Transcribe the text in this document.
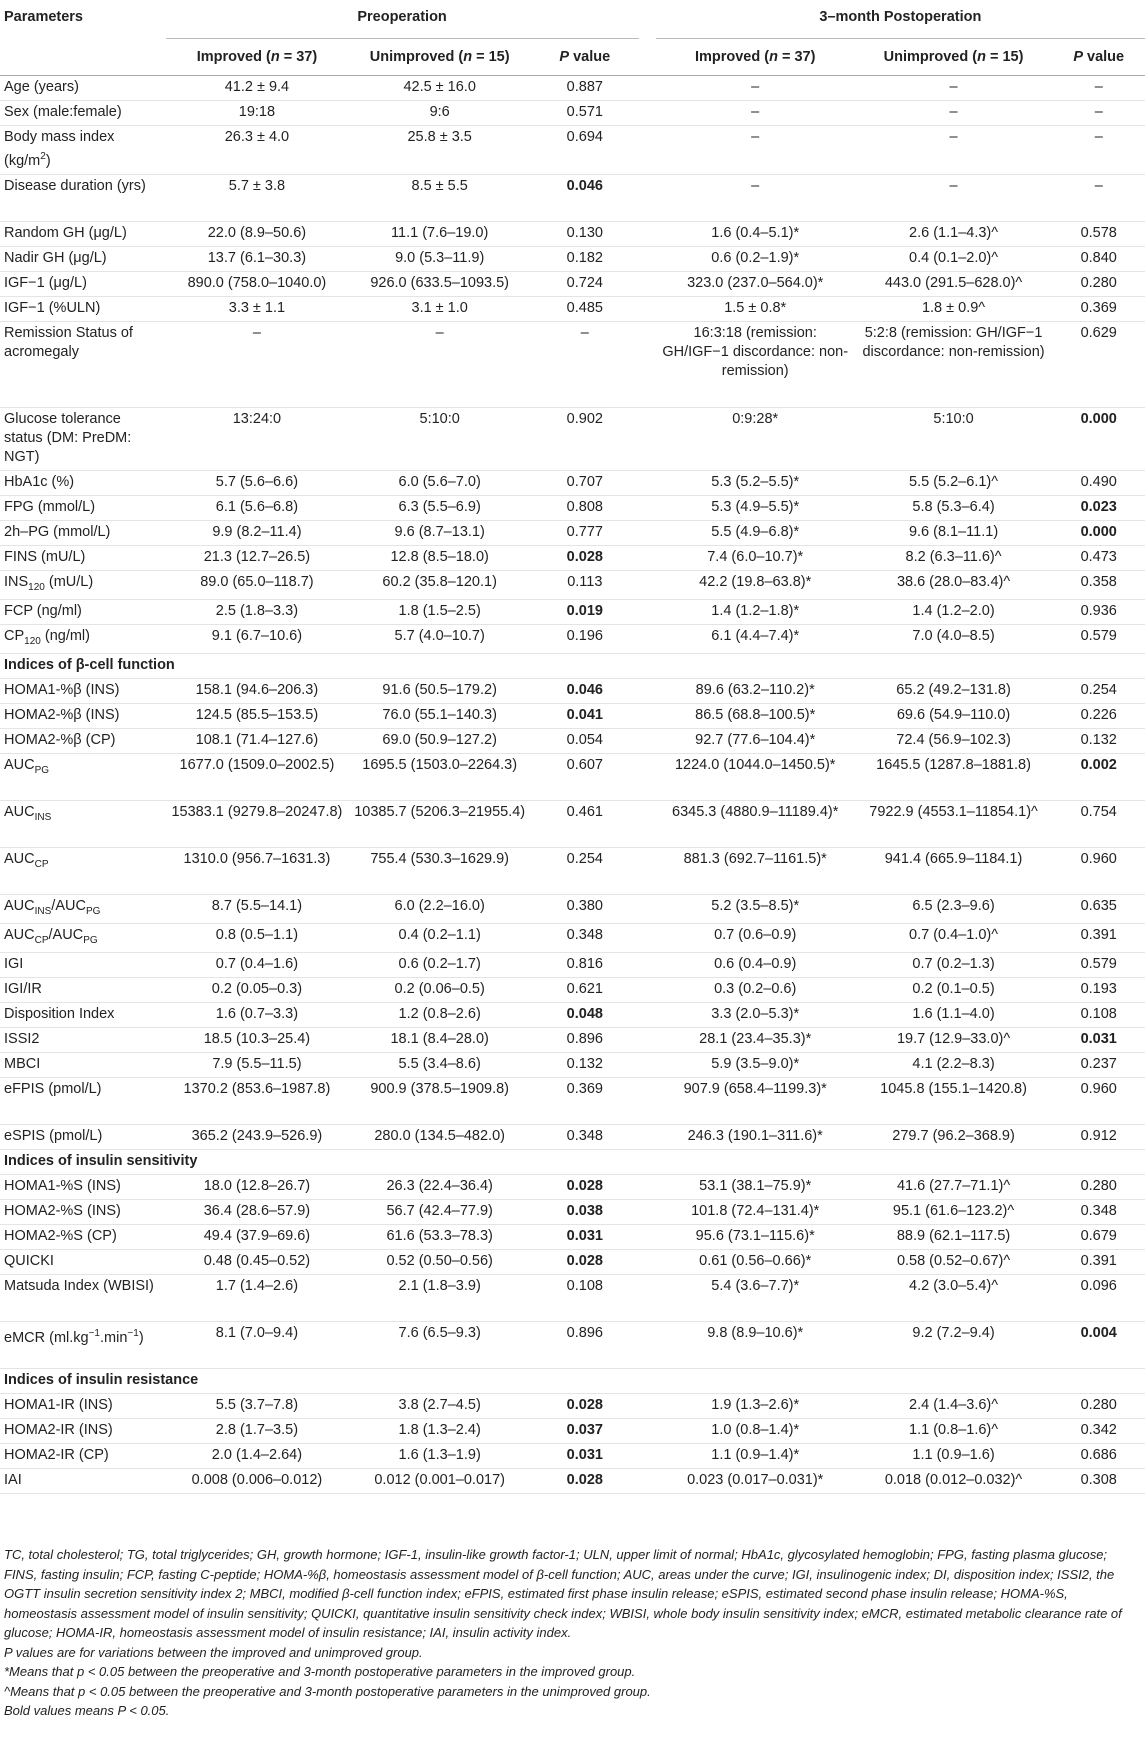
Parameters	Preoperation				3–month Postoperation		
	Improved (n = 37)	Unimproved (n = 15)	P value		Improved (n = 37)	Unimproved (n = 15)	P value
Age (years)	41.2 ± 9.4	42.5 ± 16.0	0.887		–	–	–
Sex (male:female)	19:18	9:6	0.571		–	–	–
Body mass index $(kg/m^2)$	26.3 ± 4.0	25.8 ± 3.5	0.694		–	–	–
Disease duration (yrs)	5.7 ± 3.8	8.5 ± 5.5	0.046		–	–	–
Random GH (μg/L)	22.0 (8.9–50.6)	11.1 (7.6–19.0)	0.130		1.6 (0.4–5.1)*	2.6 (1.1–4.3)^	0.578
Nadir GH (μg/L)	13.7 (6.1–30.3)	9.0 (5.3–11.9)	0.182		0.6 (0.2–1.9)*	0.4 (0.1–2.0)^	0.840
IGF−1 (μg/L)	890.0 (758.0–1040.0)	926.0 (633.5–1093.5)	0.724		323.0 (237.0–564.0)*	443.0 (291.5–628.0)^	0.280
IGF−1 (%ULN)	3.3 ± 1.1	3.1 ± 1.0	0.485		1.5 ± 0.8*	1.8 ± 0.9^	0.369
Remission Status of acromegaly	–	–	–		16:3:18 (remission: GH/IGF−1 discordance: non-remission)	5:2:8 (remission: GH/IGF−1 discordance: non-remission)	0.629
Glucose tolerance status (DM: PreDM: NGT)	13:24:0	5:10:0	0.902		0:9:28*	5:10:0	0.000
HbA1c (%)	5.7 (5.6–6.6)	6.0 (5.6–7.0)	0.707		5.3 (5.2–5.5)*	5.5 (5.2–6.1)^	0.490
FPG (mmol/L)	6.1 (5.6–6.8)	6.3 (5.5–6.9)	0.808		5.3 (4.9–5.5)*	5.8 (5.3–6.4)	0.023
2h–PG (mmol/L)	9.9 (8.2–11.4)	9.6 (8.7–13.1)	0.777		5.5 (4.9–6.8)*	9.6 (8.1–11.1)	0.000
FINS (mU/L)	21.3 (12.7–26.5)	12.8 (8.5–18.0)	0.028		7.4 (6.0–10.7)*	8.2 (6.3–11.6)^	0.473
$INS_{120}$ (mU/L)	89.0 (65.0–118.7)	60.2 (35.8–120.1)	0.113		42.2 (19.8–63.8)*	38.6 (28.0–83.4)^	0.358
FCP (ng/ml)	2.5 (1.8–3.3)	1.8 (1.5–2.5)	0.019		1.4 (1.2–1.8)*	1.4 (1.2–2.0)	0.936
$CP_{120}$ (ng/ml)	9.1 (6.7–10.6)	5.7 (4.0–10.7)	0.196		6.1 (4.4–7.4)*	7.0 (4.0–8.5)	0.579
Indices of β-cell function							
HOMA1-%β (INS)	158.1 (94.6–206.3)	91.6 (50.5–179.2)	0.046		89.6 (63.2–110.2)*	65.2 (49.2–131.8)	0.254
HOMA2-%β (INS)	124.5 (85.5–153.5)	76.0 (55.1–140.3)	0.041		86.5 (68.8–100.5)*	69.6 (54.9–110.0)	0.226
HOMA2-%β (CP)	108.1 (71.4–127.6)	69.0 (50.9–127.2)	0.054		92.7 (77.6–104.4)*	72.4 (56.9–102.3)	0.132
$AUC_{PG}$	1677.0 (1509.0–2002.5)	1695.5 (1503.0–2264.3)	0.607		1224.0 (1044.0–1450.5)*	1645.5 (1287.8–1881.8)	0.002
$AUC_{INS}$	15383.1 (9279.8–20247.8)	10385.7 (5206.3–21955.4)	0.461		6345.3 (4880.9–11189.4)*	7922.9 (4553.1–11854.1)^	0.754
$AUC_{CP}$	1310.0 (956.7–1631.3)	755.4 (530.3–1629.9)	0.254		881.3 (692.7–1161.5)*	941.4 (665.9–1184.1)	0.960
$AUC_{INS}/AUC_{PG}$	8.7 (5.5–14.1)	6.0 (2.2–16.0)	0.380		5.2 (3.5–8.5)*	6.5 (2.3–9.6)	0.635
$AUC_{CP}/AUC_{PG}$	0.8 (0.5–1.1)	0.4 (0.2–1.1)	0.348		0.7 (0.6–0.9)	0.7 (0.4–1.0)^	0.391
IGI	0.7 (0.4–1.6)	0.6 (0.2–1.7)	0.816		0.6 (0.4–0.9)	0.7 (0.2–1.3)	0.579
IGI/IR	0.2 (0.05–0.3)	0.2 (0.06–0.5)	0.621		0.3 (0.2–0.6)	0.2 (0.1–0.5)	0.193
Disposition Index	1.6 (0.7–3.3)	1.2 (0.8–2.6)	0.048		3.3 (2.0–5.3)*	1.6 (1.1–4.0)	0.108
ISSI2	18.5 (10.3–25.4)	18.1 (8.4–28.0)	0.896		28.1 (23.4–35.3)*	19.7 (12.9–33.0)^	0.031
MBCI	7.9 (5.5–11.5)	5.5 (3.4–8.6)	0.132		5.9 (3.5–9.0)*	4.1 (2.2–8.3)	0.237
eFPIS (pmol/L)	1370.2 (853.6–1987.8)	900.9 (378.5–1909.8)	0.369		907.9 (658.4–1199.3)*	1045.8 (155.1–1420.8)	0.960
eSPIS (pmol/L)	365.2 (243.9–526.9)	280.0 (134.5–482.0)	0.348		246.3 (190.1–311.6)*	279.7 (96.2–368.9)	0.912
Indices of insulin sensitivity							
HOMA1-%S (INS)	18.0 (12.8–26.7)	26.3 (22.4–36.4)	0.028		53.1 (38.1–75.9)*	41.6 (27.7–71.1)^	0.280
HOMA2-%S (INS)	36.4 (28.6–57.9)	56.7 (42.4–77.9)	0.038		101.8 (72.4–131.4)*	95.1 (61.6–123.2)^	0.348
HOMA2-%S (CP)	49.4 (37.9–69.6)	61.6 (53.3–78.3)	0.031		95.6 (73.1–115.6)*	88.9 (62.1–117.5)	0.679
QUICKI	0.48 (0.45–0.52)	0.52 (0.50–0.56)	0.028		0.61 (0.56–0.66)*	0.58 (0.52–0.67)^	0.391
Matsuda Index (WBISI)	1.7 (1.4–2.6)	2.1 (1.8–3.9)	0.108		5.4 (3.6–7.7)*	4.2 (3.0–5.4)^	0.096
eMCR $(ml.kg^{-1}.\min^{-1})$	8.1 (7.0–9.4)	7.6 (6.5–9.3)	0.896		9.8 (8.9–10.6)*	9.2 (7.2–9.4)	0.004
Indices of insulin resistance							
HOMA1-IR (INS)	5.5 (3.7–7.8)	3.8 (2.7–4.5)	0.028		1.9 (1.3–2.6)*	2.4 (1.4–3.6)^	0.280
HOMA2-IR (INS)	2.8 (1.7–3.5)	1.8 (1.3–2.4)	0.037		1.0 (0.8–1.4)*	1.1 (0.8–1.6)^	0.342
HOMA2-IR (CP)	2.0 (1.4–2.64)	1.6 (1.3–1.9)	0.031		1.1 (0.9–1.4)*	1.1 (0.9–1.6)	0.686
IAI	0.008 (0.006–0.012)	0.012 (0.001–0.017)	0.028		0.023 (0.017–0.031)*	0.018 (0.012–0.032)^	0.308

TC, total cholesterol; TG, total triglycerides; GH, growth hormone; IGF-1, insulin-like growth factor-1; ULN, upper limit of normal; HbA1c, glycosylated hemoglobin; FPG, fasting plasma glucose; FINS, fasting insulin; FCP, fasting C-peptide; HOMA-%β, homeostasis assessment model of β-cell function; AUC, areas under the curve; IGI, insulinogenic index; DI, disposition index; ISSI2, the OGTT insulin secretion sensitivity index 2; MBCI, modified β-cell function index; eFPIS, estimated first phase insulin release; eSPIS, estimated second phase insulin release; HOMA-%S, homeostasis assessment model of insulin sensitivity; QUICKI, quantitative insulin sensitivity check index; WBISI, whole body insulin sensitivity index; eMCR, estimated metabolic clearance rate of glucose; HOMA-IR, homeostasis assessment model of insulin resistance; IAI, insulin activity index.

P values are for variations between the improved and unimproved group.

*Means that p < 0.05 between the preoperative and 3-month postoperative parameters in the improved group.

^Means that p < 0.05 between the preoperative and 3-month postoperative parameters in the unimproved group.

Bold values means P < 0.05.
